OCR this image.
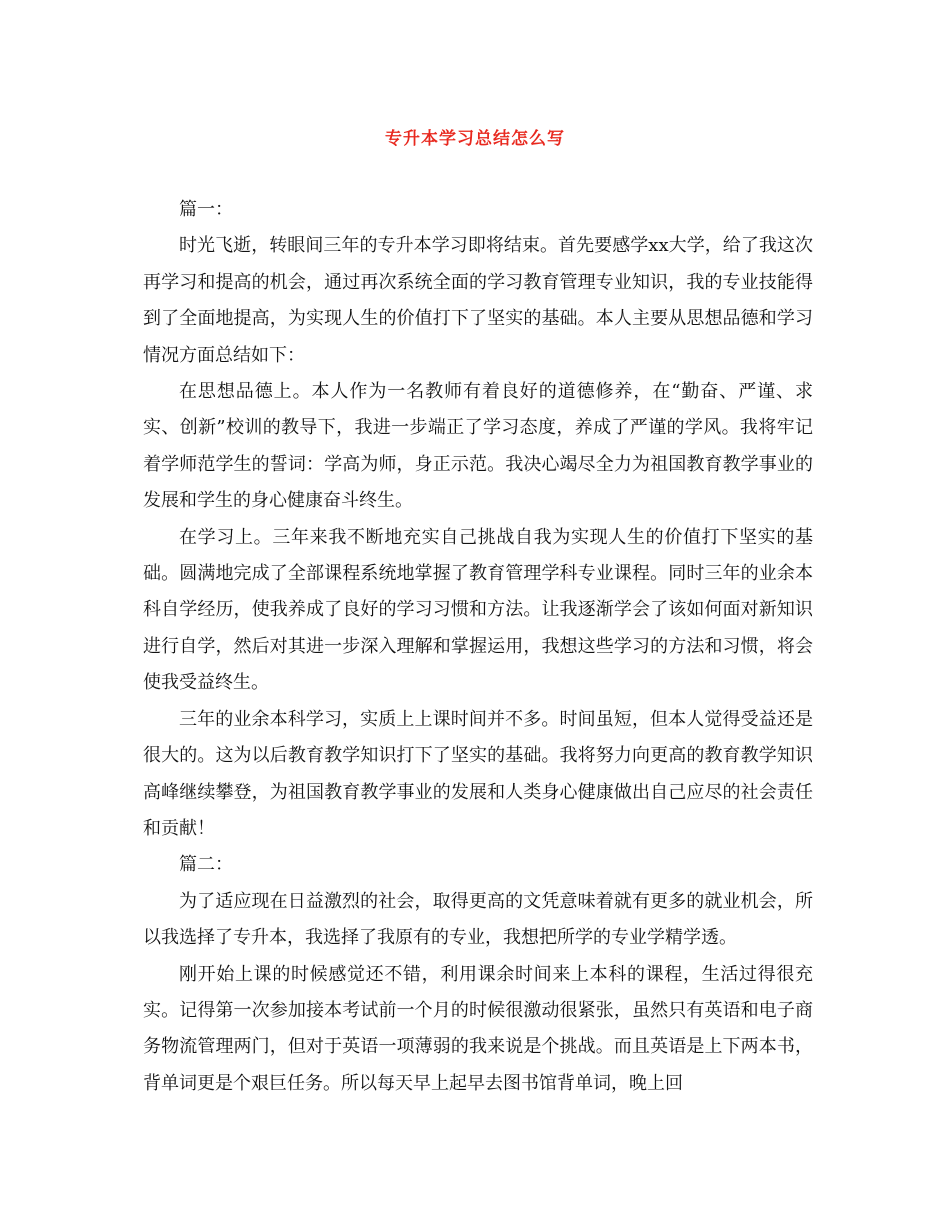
专升本学习总结怎么写

篇一：

时光飞逝，转眼间三年的专升本学习即将结束。首先要感学xx大学，给了我这次再学习和提高的机会，通过再次系统全面的学习教育管理专业知识，我的专业技能得到了全面地提高，为实现人生的价值打下了坚实的基础。本人主要从思想品德和学习情况方面总结如下：

在思想品德上。本人作为一名教师有着良好的道德修养，在“勤奋、严谨、求实、创新”校训的教导下，我进一步端正了学习态度，养成了严谨的学风。我将牢记着学师范学生的誓词：学高为师，身正示范。我决心竭尽全力为祖国教育教学事业的发展和学生的身心健康奋斗终生。

在学习上。三年来我不断地充实自己挑战自我为实现人生的价值打下坚实的基础。圆满地完成了全部课程系统地掌握了教育管理学科专业课程。同时三年的业余本科自学经历，使我养成了良好的学习习惯和方法。让我逐渐学会了该如何面对新知识进行自学，然后对其进一步深入理解和掌握运用，我想这些学习的方法和习惯，将会使我受益终生。

三年的业余本科学习，实质上上课时间并不多。时间虽短，但本人觉得受益还是很大的。这为以后教育教学知识打下了坚实的基础。我将努力向更高的教育教学知识高峰继续攀登，为祖国教育教学事业的发展和人类身心健康做出自己应尽的社会责任和贡献！

篇二：

为了适应现在日益激烈的社会，取得更高的文凭意味着就有更多的就业机会，所以我选择了专升本，我选择了我原有的专业，我想把所学的专业学精学透。

刚开始上课的时候感觉还不错，利用课余时间来上本科的课程，生活过得很充实。记得第一次参加接本考试前一个月的时候很激动很紧张，虽然只有英语和电子商务物流管理两门，但对于英语一项薄弱的我来说是个挑战。而且英语是上下两本书，背单词更是个艰巨任务。所以每天早上起早去图书馆背单词，晚上回
